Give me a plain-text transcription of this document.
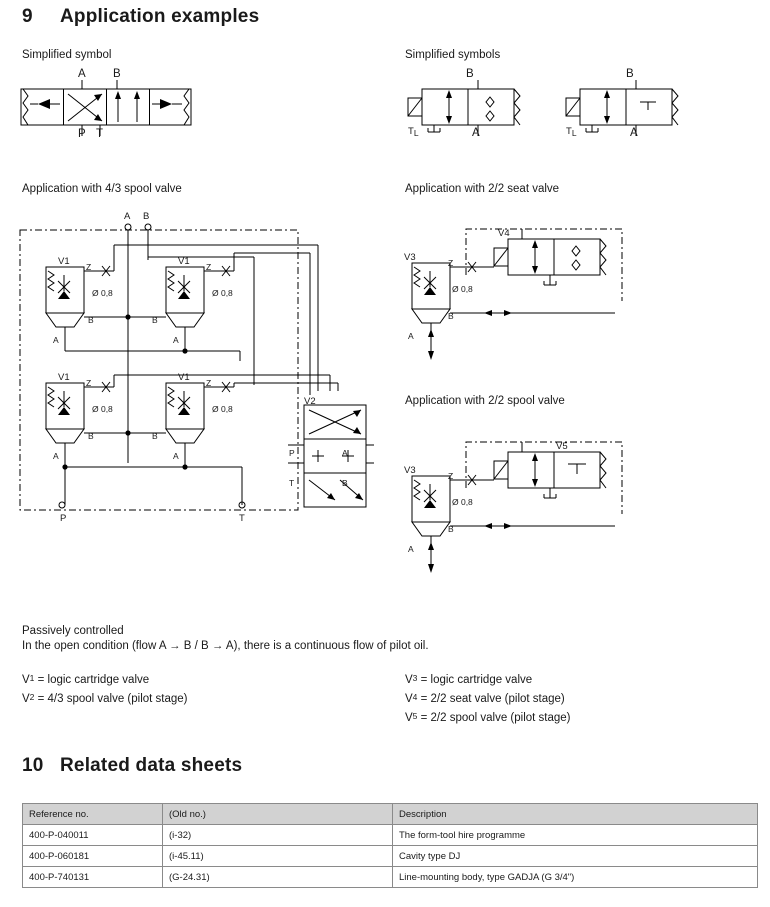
9	Application examples
Simplified symbol
A B
P T
Simplified symbols
B
TL	A
B
TL	A
Application with 4/3 spool valve
A B
V1	V1
V1	V1
V2
Z	Z
Z	Z
Ø 0,8	Ø 0,8
Ø 0,8	Ø 0,8
B	B
B	B
A	A
A	A	P	A
T	B
P	T
Application with 2/2 seat valve
V3	Z
Ø 0,8
V4
B
A
Application with 2/2 spool valve
V3	Z
Ø 0,8
V5
B
A
Passively controlled
In the open condition (flow A → B / B → A), there is a continuous flow of pilot oil.
$V^1$ = logic cartridge valve
$V^2 = 4/3$ spool valve (pilot stage)
$V^3$ = logic cartridge valve
$V^4 = 2/2$ seat valve (pilot stage)
$V^5 = 2/2$ spool valve (pilot stage)
10 Related data sheets
Reference no.	(Old no.)	Description
400-P-040011	(i-32)	The form-tool hire programme
400-P-060181	(i-45.11)	Cavity type DJ
400-P-740131	(G-24.31)	Line-mounting body, type GADJA (G 3/4")
